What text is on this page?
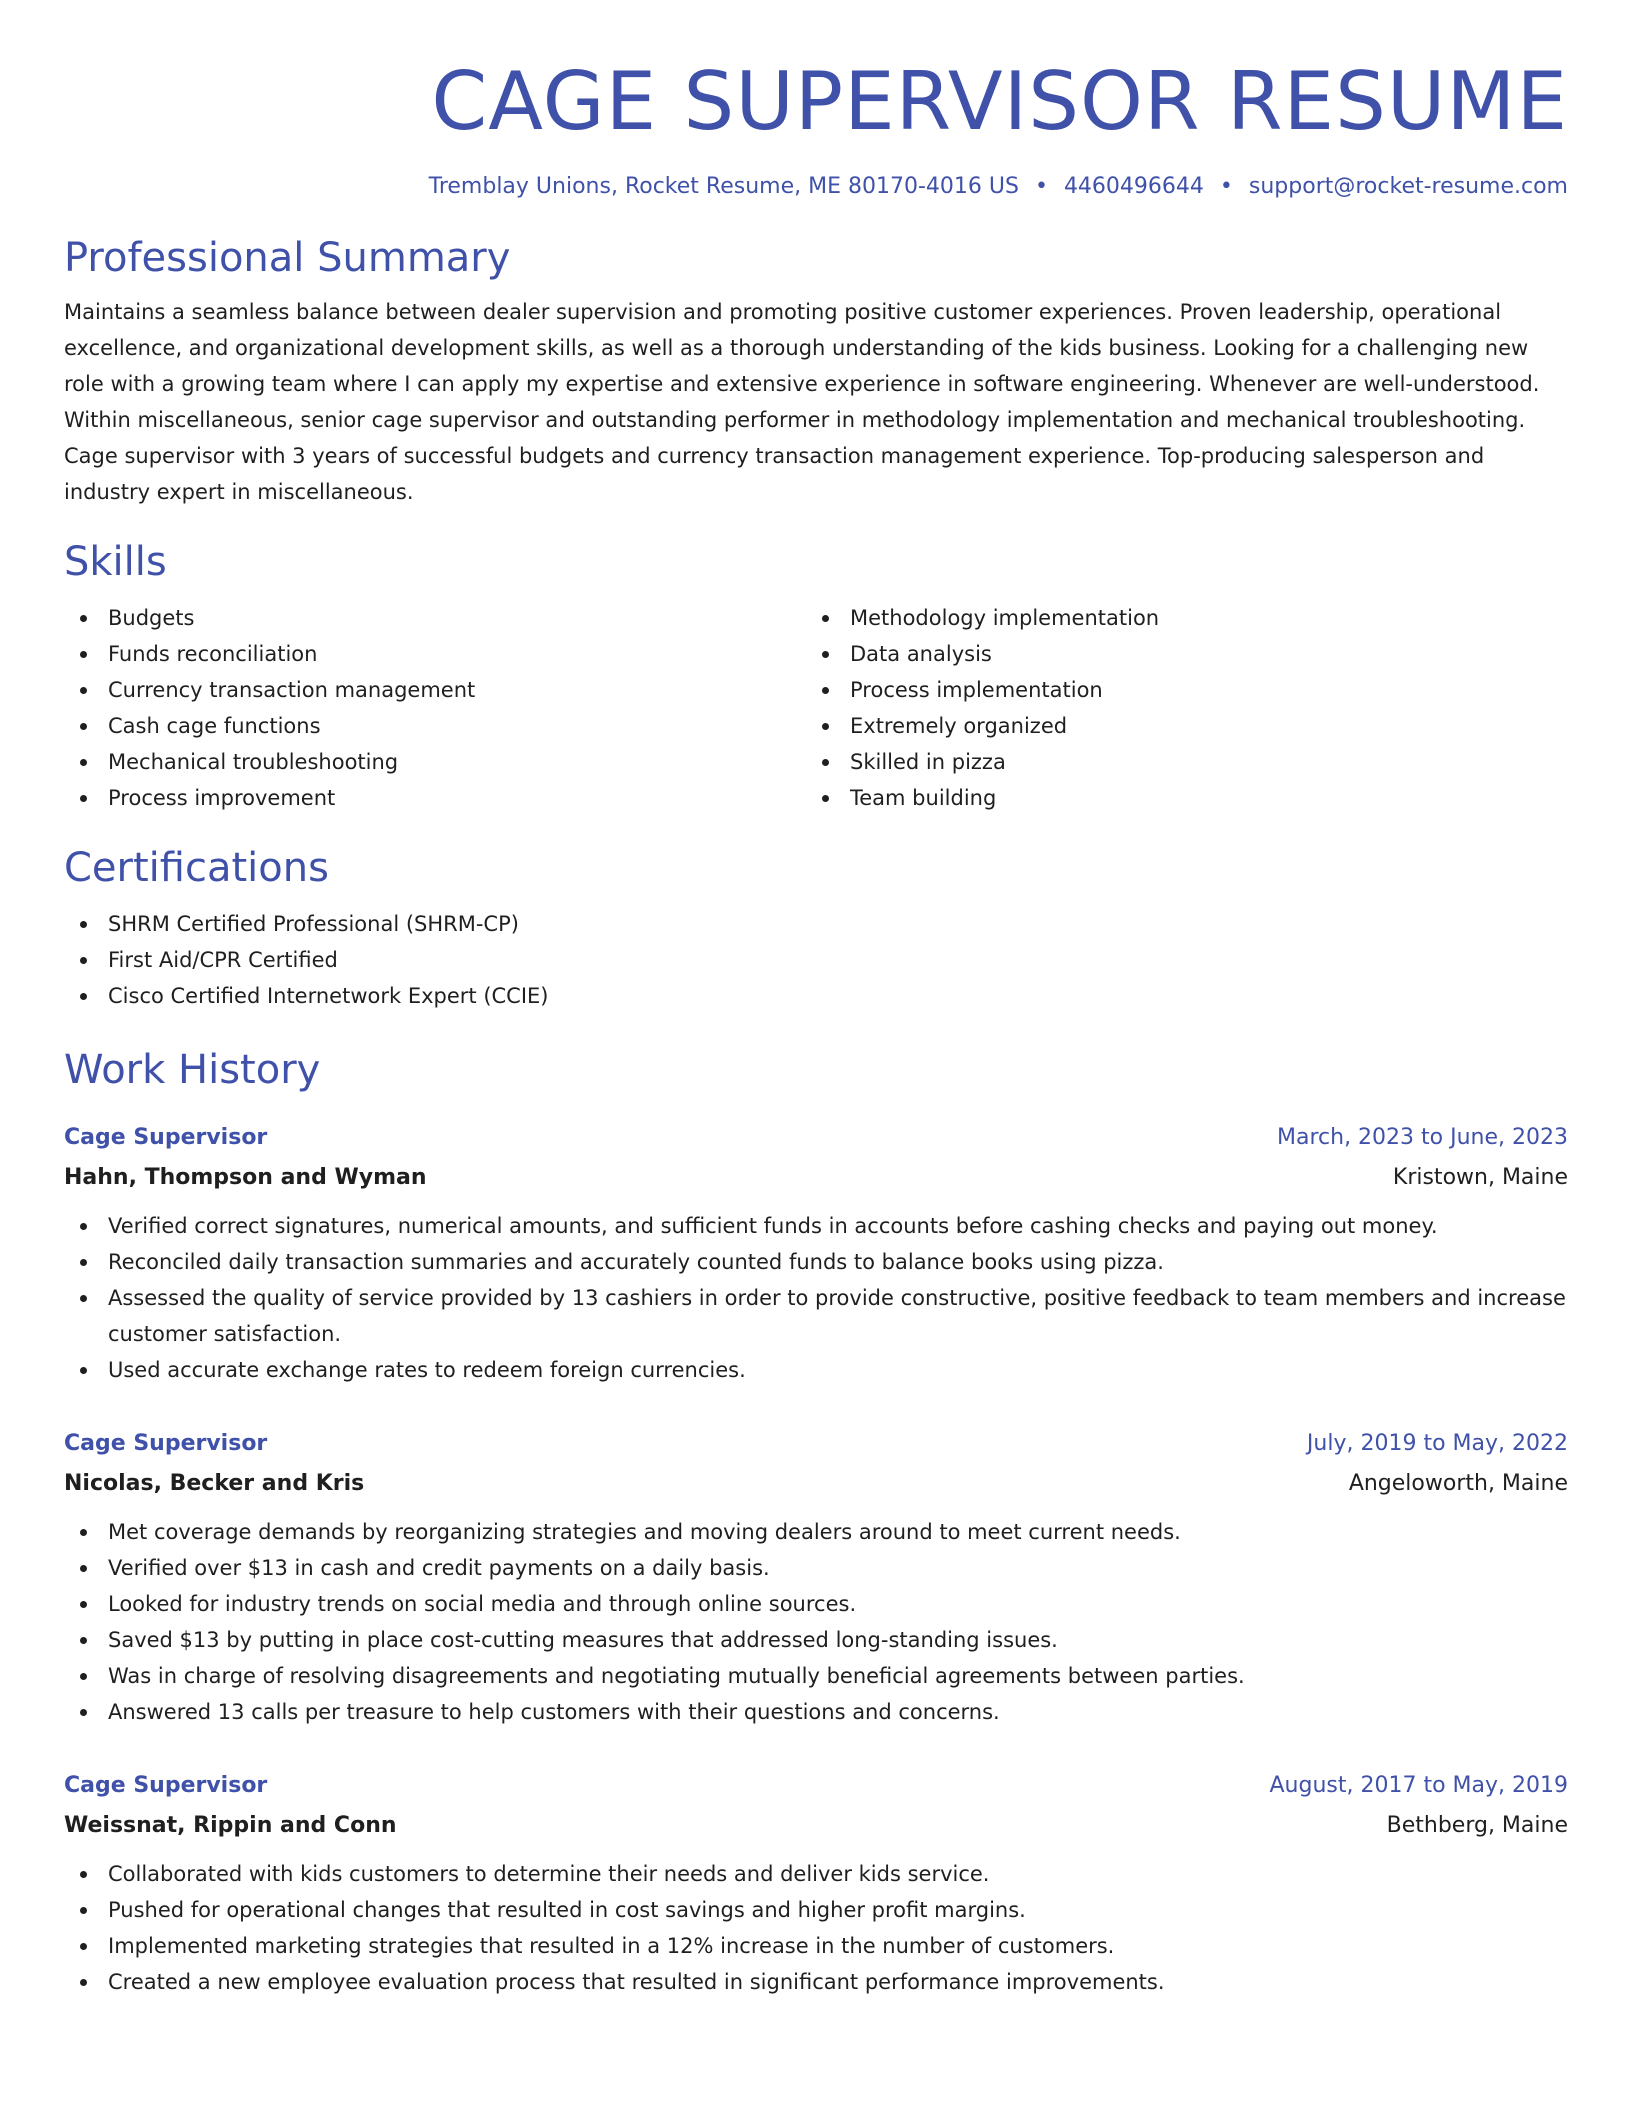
CAGE SUPERVISOR RESUME
Tremblay Unions, Rocket Resume, ME 80170-4016 US • 4460496644 • support@rocket-resume.com
Professional Summary

Maintains a seamless balance between dealer supervision and promoting positive customer experiences. Proven leadership, operational excellence, and organizational development skills, as well as a thorough understanding of the kids business. Looking for a challenging new role with a growing team where I can apply my expertise and extensive experience in software engineering. Whenever are well-understood. Within miscellaneous, senior cage supervisor and outstanding performer in methodology implementation and mechanical troubleshooting. Cage supervisor with 3 years of successful budgets and currency transaction management experience. Top-producing salesperson and industry expert in miscellaneous.

Skills
Budgets
Funds reconciliation
Currency transaction management
Cash cage functions
Mechanical troubleshooting
Process improvement
Methodology implementation
Data analysis
Process implementation
Extremely organized
Skilled in pizza
Team building
Certifications
SHRM Certified Professional (SHRM-CP)
First Aid/CPR Certified
Cisco Certified Internetwork Expert (CCIE)
Work History
Cage Supervisor	March, 2023 to June, 2023
Hahn, Thompson and Wyman	Kristown, Maine
Verified correct signatures, numerical amounts, and sufficient funds in accounts before cashing checks and paying out money.
Reconciled daily transaction summaries and accurately counted funds to balance books using pizza.
Assessed the quality of service provided by 13 cashiers in order to provide constructive, positive feedback to team members and increase customer satisfaction.
Used accurate exchange rates to redeem foreign currencies.
Cage Supervisor	July, 2019 to May, 2022
Nicolas, Becker and Kris	Angeloworth, Maine
Met coverage demands by reorganizing strategies and moving dealers around to meet current needs.
Verified over $13 in cash and credit payments on a daily basis.
Looked for industry trends on social media and through online sources.
Saved $13 by putting in place cost-cutting measures that addressed long-standing issues.
Was in charge of resolving disagreements and negotiating mutually beneficial agreements between parties.
Answered 13 calls per treasure to help customers with their questions and concerns.
Cage Supervisor	August, 2017 to May, 2019
Weissnat, Rippin and Conn	Bethberg, Maine
Collaborated with kids customers to determine their needs and deliver kids service.
Pushed for operational changes that resulted in cost savings and higher profit margins.
Implemented marketing strategies that resulted in a 12% increase in the number of customers.
Created a new employee evaluation process that resulted in significant performance improvements.
